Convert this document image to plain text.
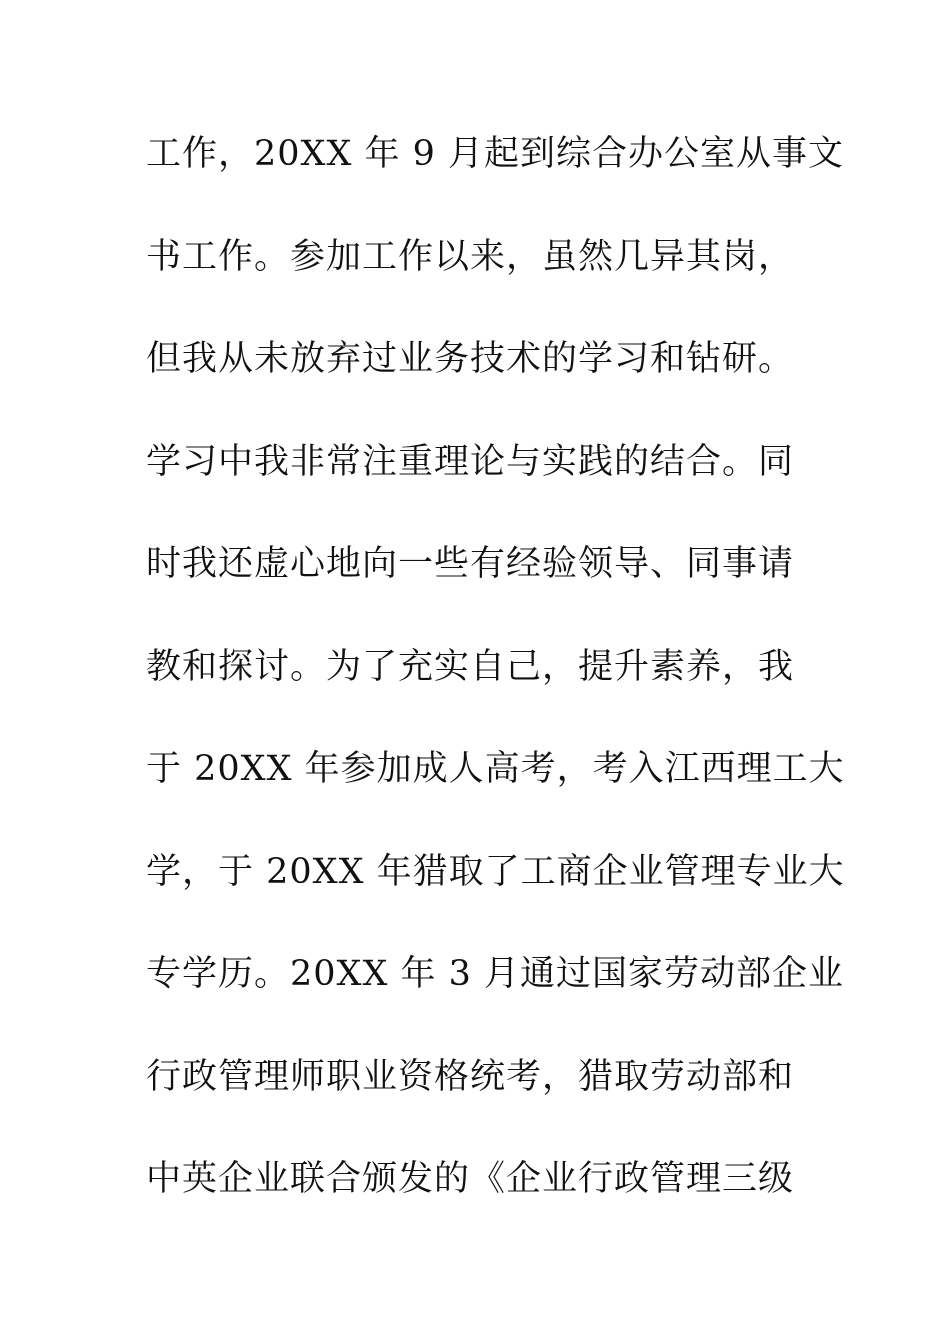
工作，20XX 年 9 月起到综合办公室从事文
书工作。参加工作以来，虽然几异其岗，
但我从未放弃过业务技术的学习和钻研。
学习中我非常注重理论与实践的结合。同
时我还虚心地向一些有经验领导、同事请
教和探讨。为了充实自己，提升素养，我
于 20XX 年参加成人高考，考入江西理工大
学，于 20XX 年猎取了工商企业管理专业大
专学历。20XX 年 3 月通过国家劳动部企业
行政管理师职业资格统考，猎取劳动部和
中英企业联合颁发的《企业行政管理三级
